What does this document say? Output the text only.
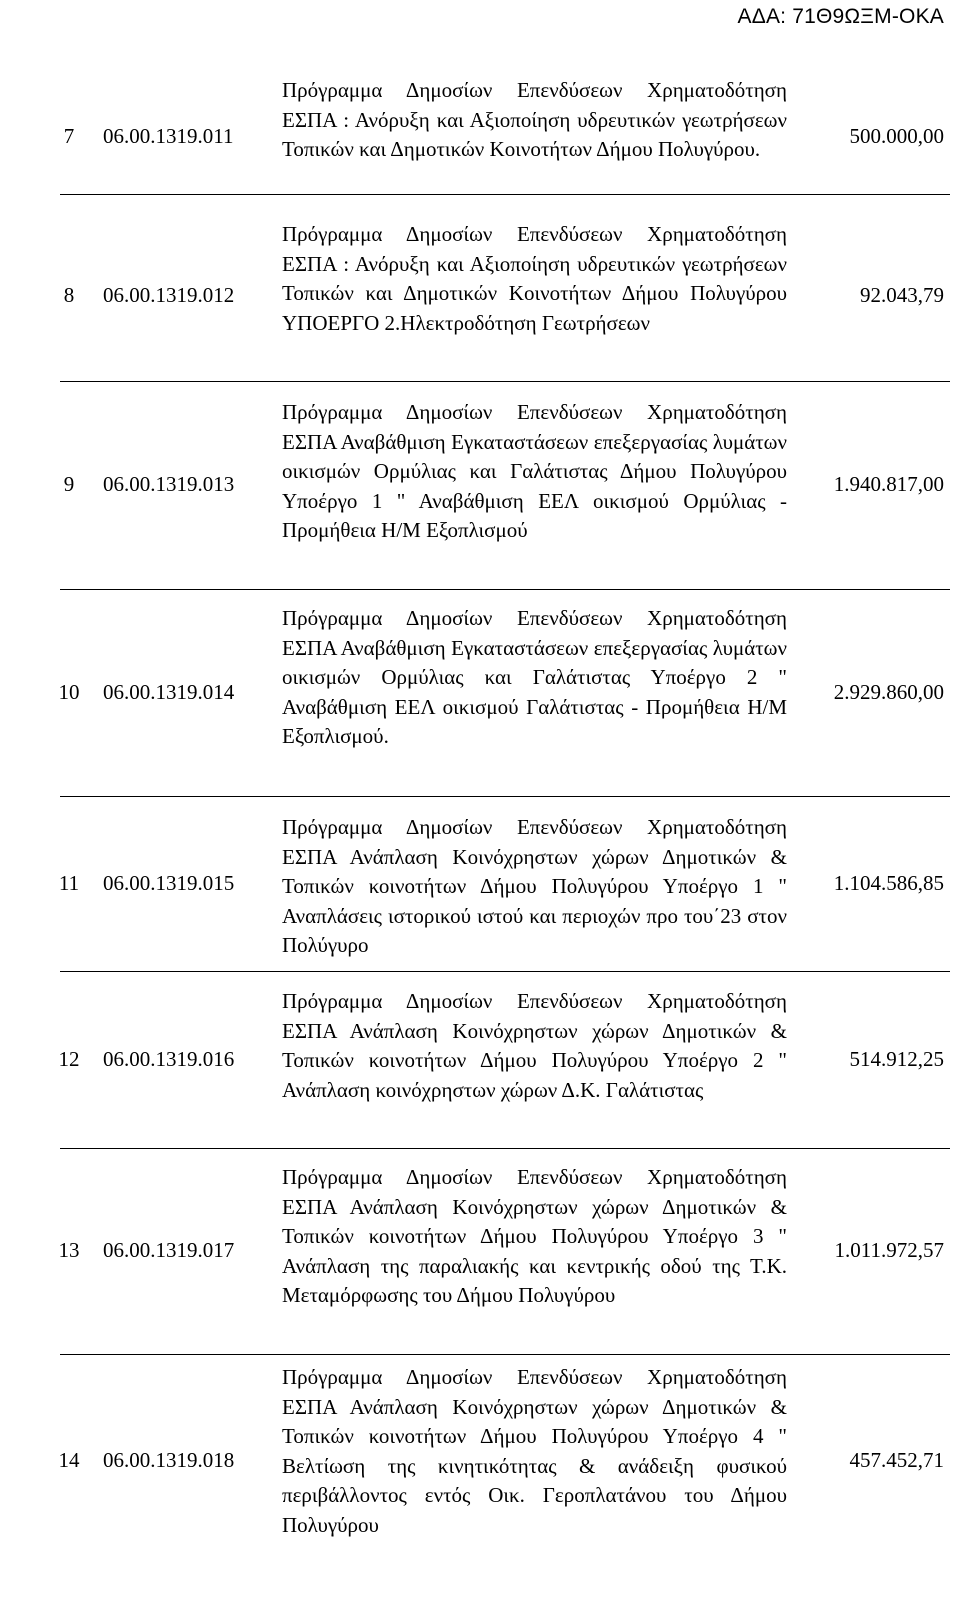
ΑΔΑ: 71Θ9ΩΞΜ-ΟΚΑ
7	06.00.1319.011
Πρόγραμμα Δημοσίων Επενδύσεων Χρηματοδότηση ΕΣΠΑ : Ανόρυξη και Αξιοποίηση υδρευτικών γεωτρήσεων Τοπικών και Δημοτικών Κοινοτήτων Δήμου Πολυγύρου.
500.000,00
8	06.00.1319.012
Πρόγραμμα Δημοσίων Επενδύσεων Χρηματοδότηση ΕΣΠΑ : Ανόρυξη και Αξιοποίηση υδρευτικών γεωτρήσεων Τοπικών και Δημοτικών Κοινοτήτων Δήμου Πολυγύρου ΥΠΟΕΡΓΟ 2.Ηλεκτροδότηση Γεωτρήσεων
92.043,79
9	06.00.1319.013
Πρόγραμμα Δημοσίων Επενδύσεων Χρηματοδότηση ΕΣΠΑ Αναβάθμιση Εγκαταστάσεων επεξεργασίας λυμάτων οικισμών Ορμύλιας και Γαλάτιστας Δήμου Πολυγύρου Υποέργο 1 " Αναβάθμιση ΕΕΛ οικισμού Ορμύλιας - Προμήθεια Η/Μ Εξοπλισμού
1.940.817,00
10 06.00.1319.014
Πρόγραμμα Δημοσίων Επενδύσεων Χρηματοδότηση ΕΣΠΑ Αναβάθμιση Εγκαταστάσεων επεξεργασίας λυμάτων οικισμών Ορμύλιας και Γαλάτιστας Υποέργο 2 " Αναβάθμιση ΕΕΛ οικισμού Γαλάτιστας - Προμήθεια Η/Μ Εξοπλισμού.
2.929.860,00
11 06.00.1319.015
Πρόγραμμα Δημοσίων Επενδύσεων Χρηματοδότηση ΕΣΠΑ Ανάπλαση Κοινόχρηστων χώρων Δημοτικών & Τοπικών κοινοτήτων Δήμου Πολυγύρου Υποέργο 1 " Αναπλάσεις ιστορικού ιστού και περιοχών προ του΄23 στον Πολύγυρο
1.104.586,85
12 06.00.1319.016
Πρόγραμμα Δημοσίων Επενδύσεων Χρηματοδότηση ΕΣΠΑ Ανάπλαση Κοινόχρηστων χώρων Δημοτικών & Τοπικών κοινοτήτων Δήμου Πολυγύρου Υποέργο 2 " Ανάπλαση κοινόχρηστων χώρων Δ.Κ. Γαλάτιστας
514.912,25
13 06.00.1319.017
Πρόγραμμα Δημοσίων Επενδύσεων Χρηματοδότηση ΕΣΠΑ Ανάπλαση Κοινόχρηστων χώρων Δημοτικών & Τοπικών κοινοτήτων Δήμου Πολυγύρου Υποέργο 3 " Ανάπλαση της παραλιακής και κεντρικής οδού της Τ.Κ. Μεταμόρφωσης του Δήμου Πολυγύρου
1.011.972,57
14 06.00.1319.018
Πρόγραμμα Δημοσίων Επενδύσεων Χρηματοδότηση ΕΣΠΑ Ανάπλαση Κοινόχρηστων χώρων Δημοτικών & Τοπικών κοινοτήτων Δήμου Πολυγύρου Υποέργο 4 " Βελτίωση της κινητικότητας & ανάδειξη φυσικού περιβάλλοντος εντός Οικ. Γεροπλατάνου του Δήμου Πολυγύρου
457.452,71
